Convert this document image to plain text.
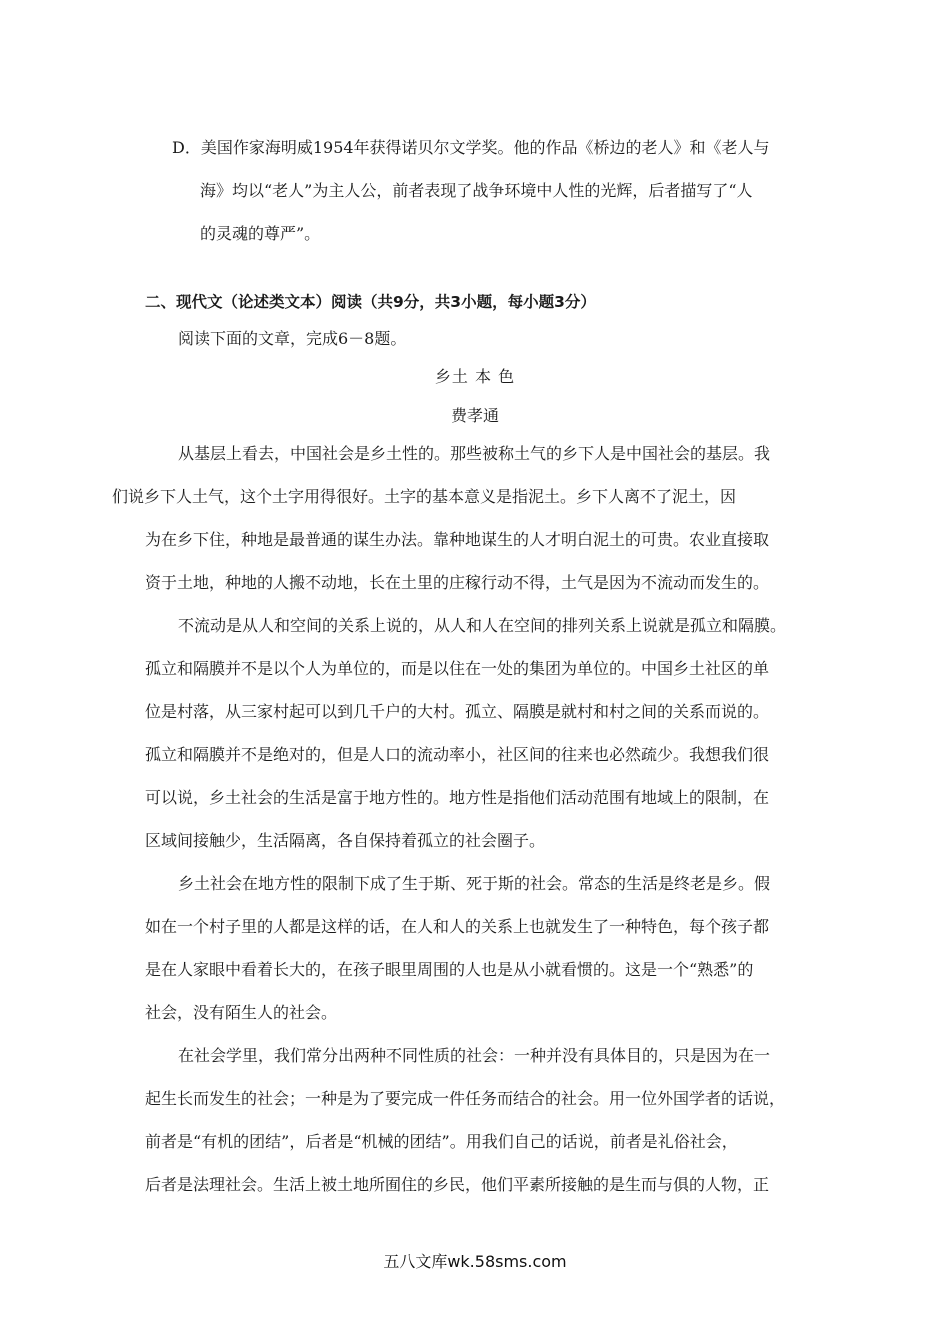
D．美国作家海明威1954年获得诺贝尔文学奖。他的作品《桥边的老人》和《老人与
海》均以“老人”为主人公，前者表现了战争环境中人性的光辉，后者描写了“人
的灵魂的尊严”。
二、现代文（论述类文本）阅读（共9分，共3小题，每小题3分）
阅读下面的文章，完成6－8题。
乡土 本 色
费孝通

从基层上看去，中国社会是乡土性的。那些被称土气的乡下人是中国社会的基层。我
们说乡下人土气，这个土字用得很好。土字的基本意义是指泥土。乡下人离不了泥土，因
为在乡下住，种地是最普通的谋生办法。靠种地谋生的人才明白泥土的可贵。农业直接取
资于土地，种地的人搬不动地，长在土里的庄稼行动不得，土气是因为不流动而发生的。

不流动是从人和空间的关系上说的，从人和人在空间的排列关系上说就是孤立和隔膜。
孤立和隔膜并不是以个人为单位的，而是以住在一处的集团为单位的。中国乡土社区的单
位是村落，从三家村起可以到几千户的大村。孤立、隔膜是就村和村之间的关系而说的。
孤立和隔膜并不是绝对的，但是人口的流动率小，社区间的往来也必然疏少。我想我们很
可以说，乡土社会的生活是富于地方性的。地方性是指他们活动范围有地域上的限制，在
区域间接触少，生活隔离，各自保持着孤立的社会圈子。

乡土社会在地方性的限制下成了生于斯、死于斯的社会。常态的生活是终老是乡。假
如在一个村子里的人都是这样的话，在人和人的关系上也就发生了一种特色，每个孩子都
是在人家眼中看着长大的，在孩子眼里周围的人也是从小就看惯的。这是一个“熟悉”的
社会，没有陌生人的社会。

在社会学里，我们常分出两种不同性质的社会：一种并没有具体目的，只是因为在一
起生长而发生的社会；一种是为了要完成一件任务而结合的社会。用一位外国学者的话说，
前者是“有机的团结”，后者是“机械的团结”。用我们自己的话说，前者是礼俗社会，
后者是法理社会。生活上被土地所囿住的乡民，他们平素所接触的是生而与俱的人物，正

五八文库wk.58sms.com
